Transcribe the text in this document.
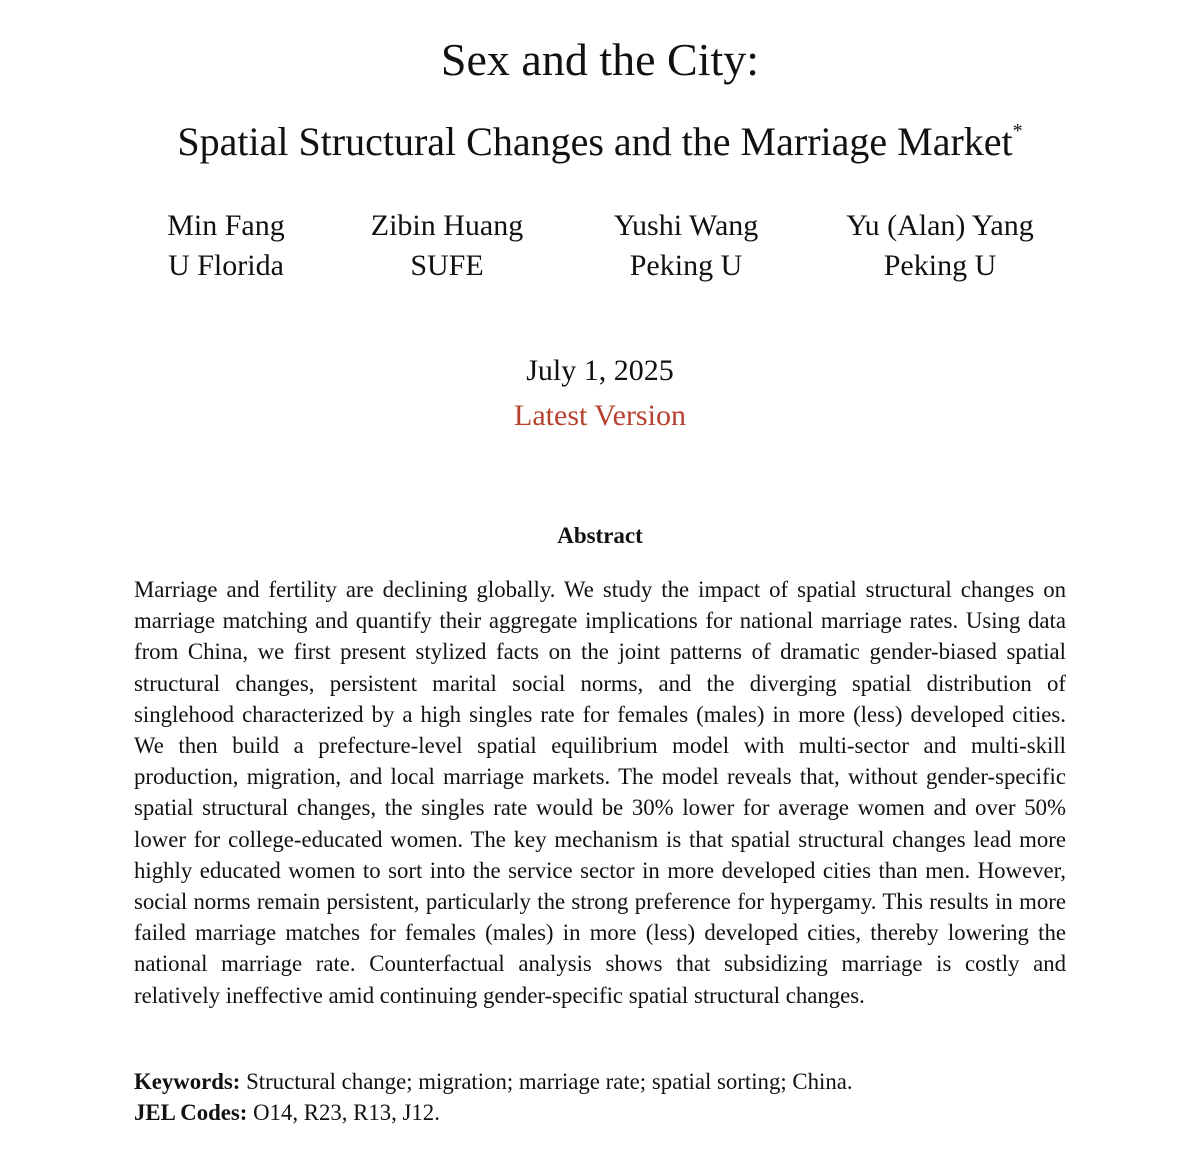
Sex and the City:
Spatial Structural Changes and the Marriage Market*
Min Fang
U Florida
Zibin Huang
SUFE
Yushi Wang
Peking U
Yu (Alan) Yang
Peking U
July 1, 2025
Latest Version
Abstract
Marriage and fertility are declining globally. We study the impact of spatial structural changes on marriage matching and quantify their aggregate implications for national marriage rates. Using data from China, we first present stylized facts on the joint patterns of dramatic gender-biased spatial structural changes, persistent marital social norms, and the diverging spatial distribution of singlehood characterized by a high singles rate for females (males) in more (less) developed cities. We then build a prefecture-level spatial equilibrium model with multi-sector and multi-skill production, migration, and local marriage markets. The model reveals that, without gender-specific spatial structural changes, the singles rate would be 30% lower for average women and over 50% lower for college-educated women. The key mechanism is that spatial structural changes lead more highly educated women to sort into the service sector in more developed cities than men. However, social norms remain persistent, particularly the strong preference for hypergamy. This results in more failed marriage matches for females (males) in more (less) developed cities, thereby lowering the national marriage rate. Counterfactual analysis shows that subsidizing marriage is costly and relatively ineffective amid continuing gender-specific spatial structural changes.
Keywords: Structural change; migration; marriage rate; spatial sorting; China.
JEL Codes: O14, R23, R13, J12.
